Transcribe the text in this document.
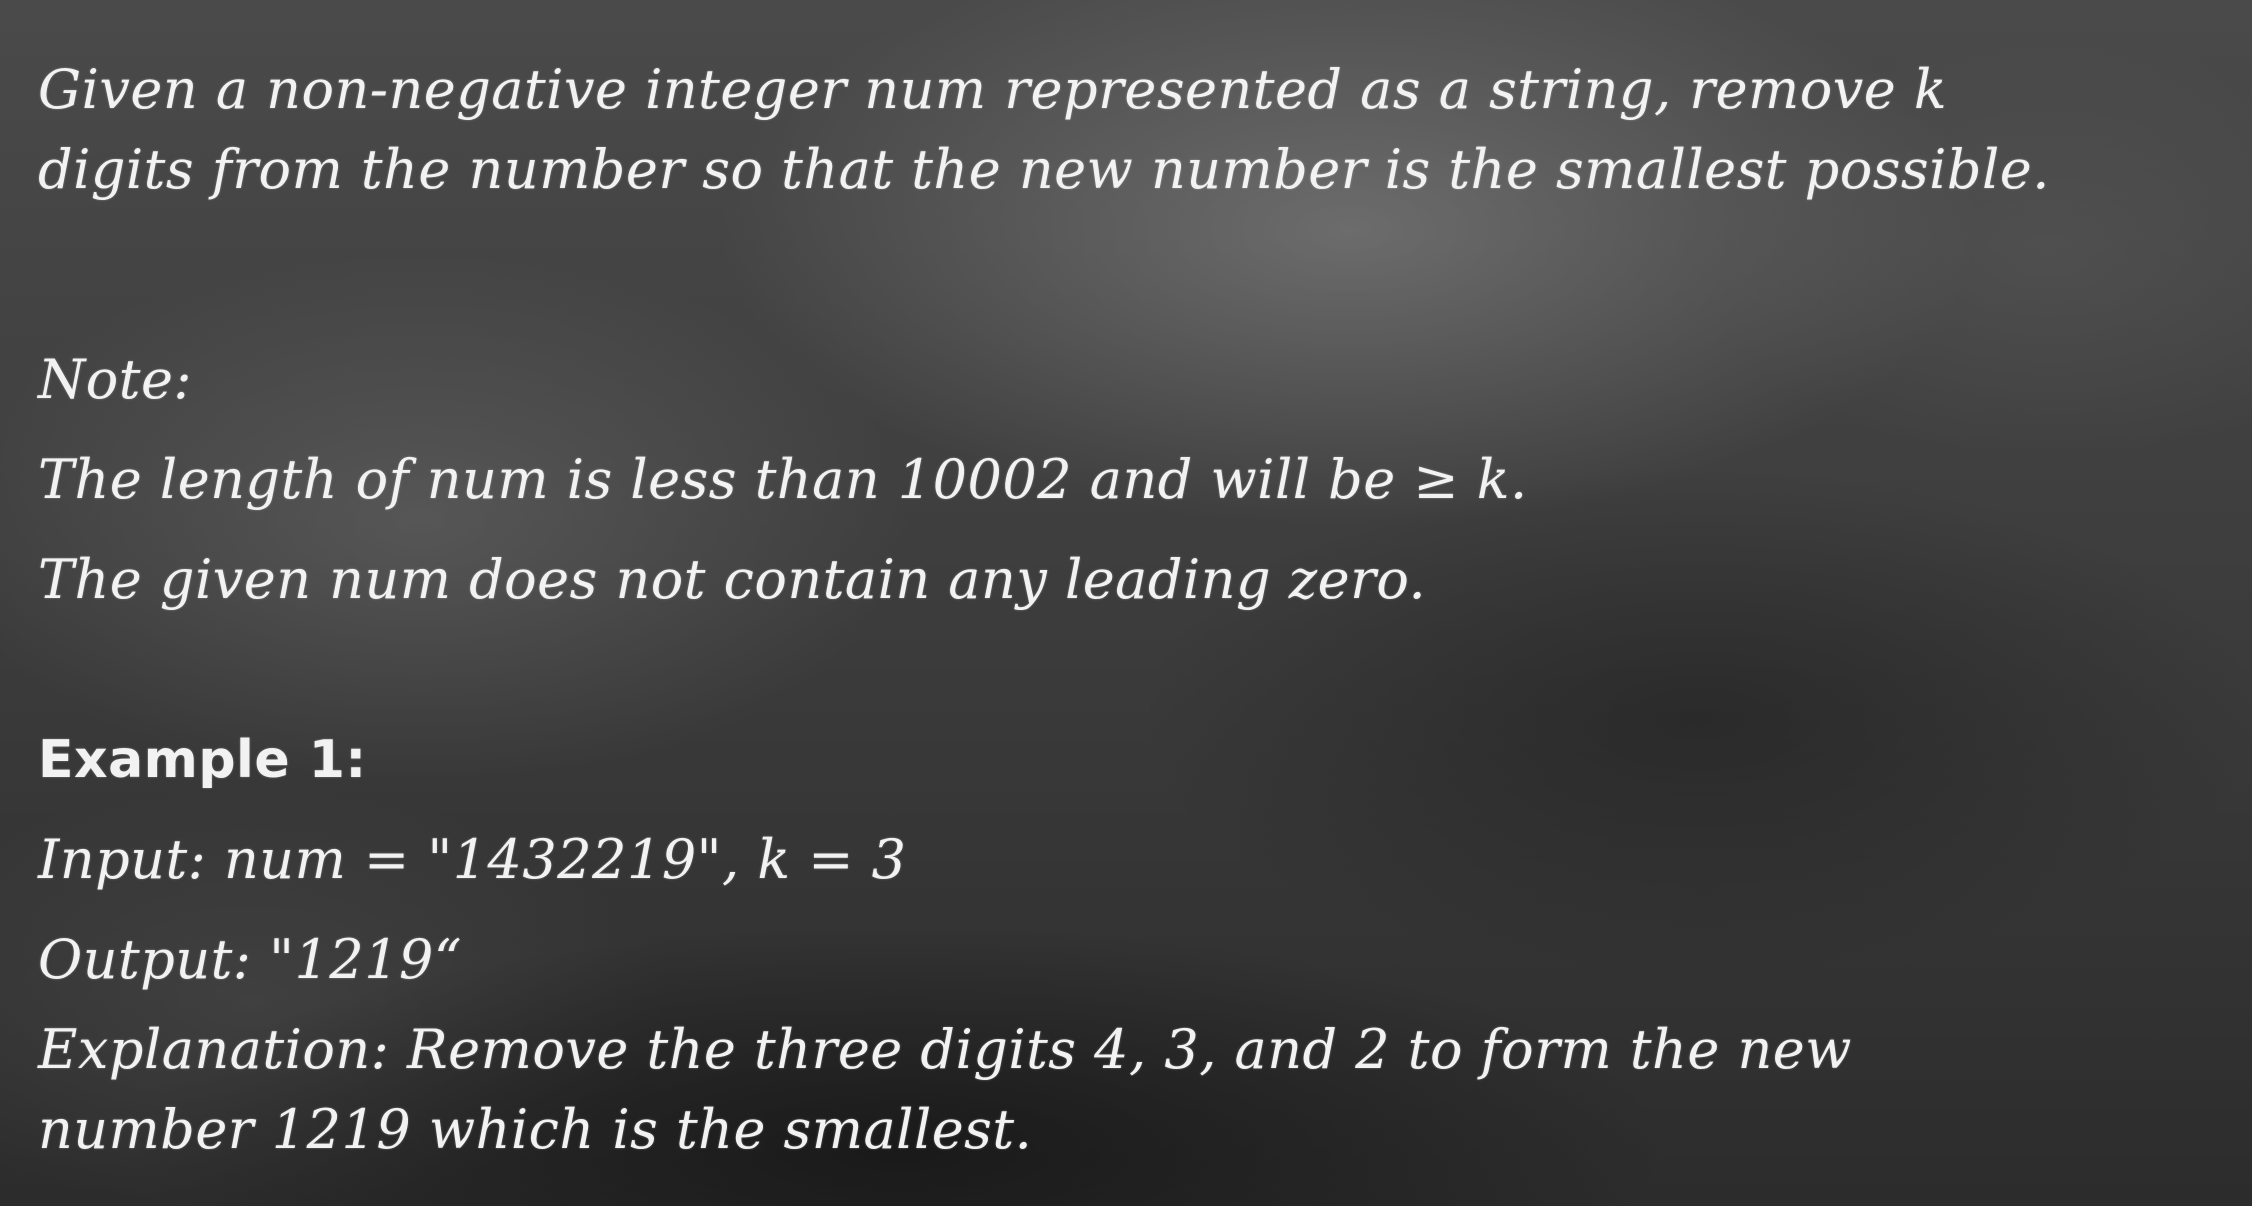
Given a non-negative integer num represented as a string, remove k
digits from the number so that the new number is the smallest possible.
Note:
The length of num is less than 10002 and will be ≥ k.
The given num does not contain any leading zero.
Example 1:
Input: num = "1432219", k = 3
Output: "1219“
Explanation: Remove the three digits 4, 3, and 2 to form the new
number 1219 which is the smallest.
